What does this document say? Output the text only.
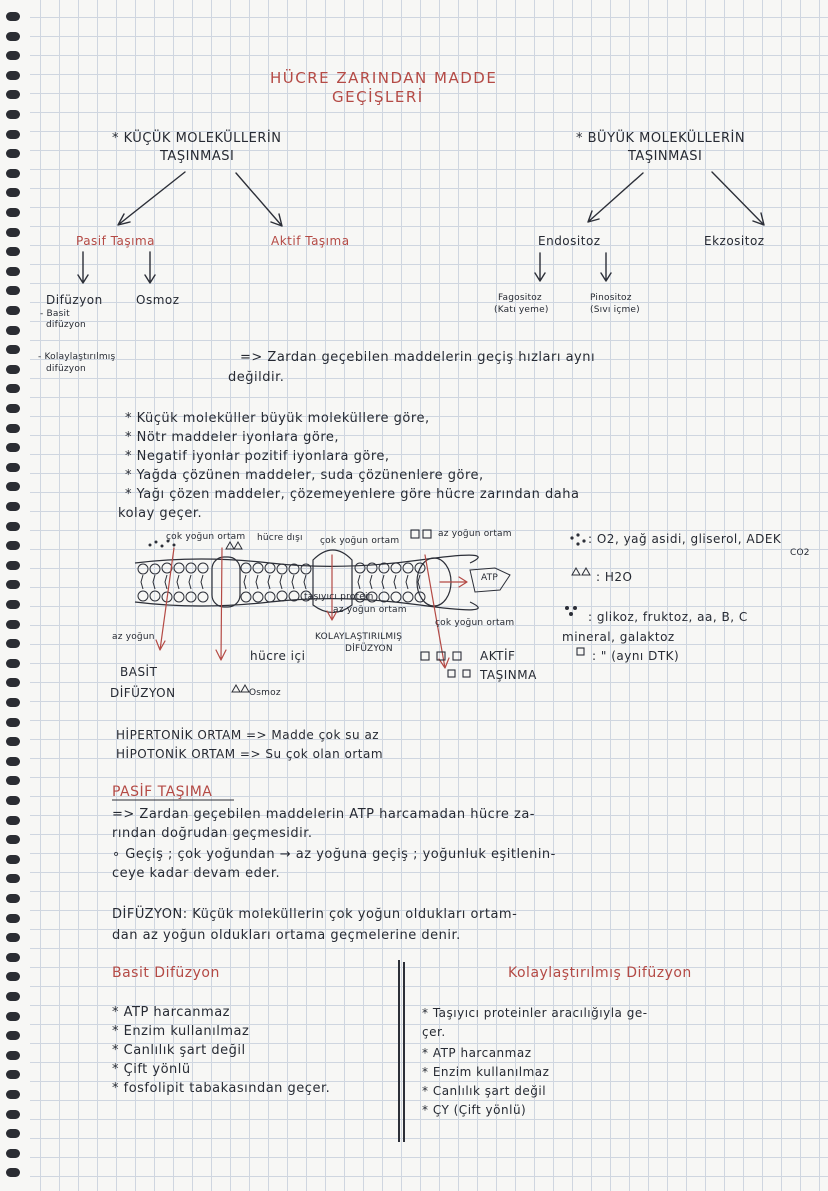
HÜCRE ZARINDAN MADDE
GEÇİŞLERİ
* KÜÇÜK MOLEKÜLLERİN
TAŞINMASI
Pasif Taşıma	Aktif Taşıma
Difüzyon	Osmoz
- Basit
difüzyon
- Kolaylaştırılmış
difüzyon
* BÜYÜK MOLEKÜLLERİN
TAŞINMASI
Endositoz	Ekzositoz
Fagositoz
(Katı yeme)
Pinositoz
(Sıvı içme)
=> Zardan geçebilen maddelerin geçiş hızları aynı
değildir.
* Küçük moleküller büyük moleküllere göre,
* Nötr maddeler iyonlara göre,
* Negatif iyonlar pozitif iyonlara göre,
* Yağda çözünen maddeler, suda çözünenlere göre,
* Yağı çözen maddeler, çözemeyenlere göre hücre zarından daha
kolay geçer.
hücre dışı
çok yoğun ortam	çok yoğun ortam
az yoğun ortam
az yoğun ortam
taşıyıcı protein
çok yoğun ortam
az yoğun	KOLAYLAŞTIRILMIŞ
DİFÜZYON
hücre içi
BASİT
DİFÜZYON	Osmoz
AKTİF
TAŞINMA
ATP
: O2, yağ asidi, gliserol, ADEK
CO2
: H2O
: glikoz, fruktoz, aa, B, C
mineral, galaktoz
: " (aynı DTK)
HİPERTONİK ORTAM => Madde çok su az
HİPOTONİK ORTAM => Su çok olan ortam
PASİF TAŞIMA
=> Zardan geçebilen maddelerin ATP harcamadan hücre za-
rından doğrudan geçmesidir.
∘ Geçiş ; çok yoğundan → az yoğuna geçiş ; yoğunluk eşitlenin-
ceye kadar devam eder.
DİFÜZYON: Küçük moleküllerin çok yoğun oldukları ortam-
dan az yoğun oldukları ortama geçmelerine denir.
Basit Difüzyon
* ATP harcanmaz
* Enzim kullanılmaz
* Canlılık şart değil
* Çift yönlü
* fosfolipit tabakasından geçer.
Kolaylaştırılmış Difüzyon
* Taşıyıcı proteinler aracılığıyla ge-
çer.
* ATP harcanmaz
* Enzim kullanılmaz
* Canlılık şart değil
* ÇY (Çift yönlü)
